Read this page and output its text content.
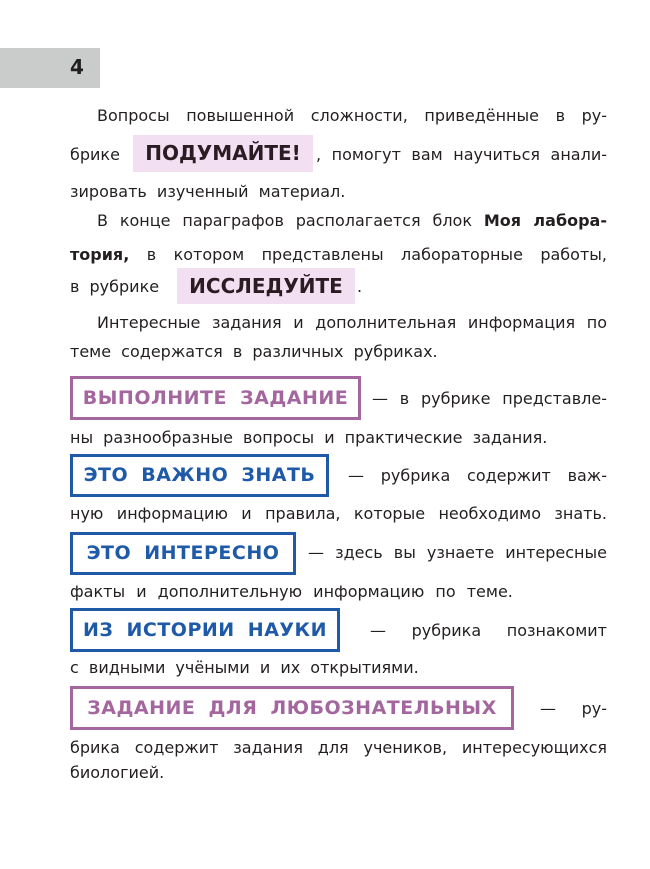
4
Вопросы повышенной сложности, приведённые в ру-
брике	ПОДУМАЙТЕ! , помогут вам научиться анали-
зировать изученный материал.
В конце параграфов располагается блок Моя лабора-
тория, в котором представлены лабораторные работы,
в рубрике	ИССЛЕДУЙТЕ .
Интересные задания и дополнительная информация по
теме содержатся в различных рубриках.
ВЫПОЛНИТЕ ЗАДАНИЕ	— в рубрике представле-
ны разнообразные вопросы и практические задания.
ЭТО ВАЖНО ЗНАТЬ	— рубрика содержит важ-
ную информацию и правила, которые необходимо знать.
ЭТО ИНТЕРЕСНО	— здесь вы узнаете интересные
факты и дополнительную информацию по теме.
ИЗ ИСТОРИИ НАУКИ	— рубрика познакомит
с видными учёными и их открытиями.
ЗАДАНИЕ ДЛЯ ЛЮБОЗНАТЕЛЬНЫХ	— ру-
брика содержит задания для учеников, интересующихся
биологией.
